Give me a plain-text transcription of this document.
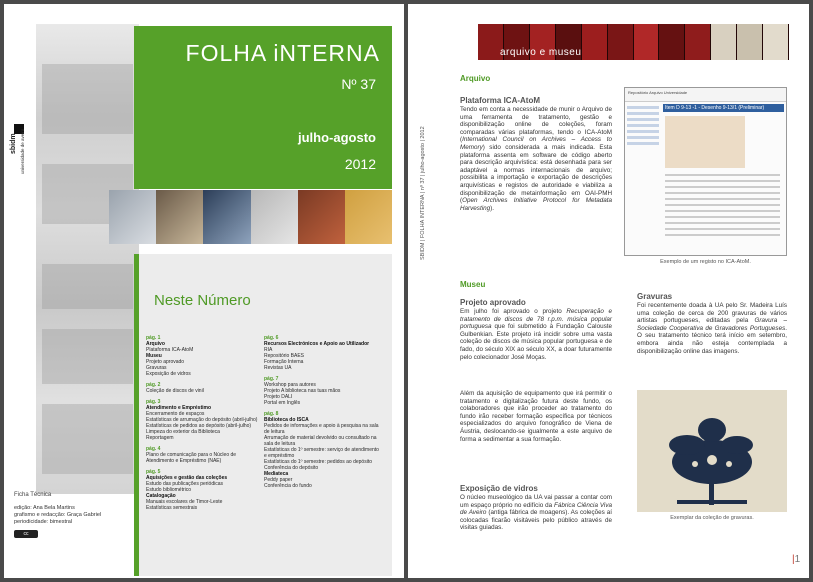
sbidm universidade de aveiro
FOLHA iNTERNA
Nº 37
julho-agosto
2012
Neste Número
pág. 1
Arquivo
Plataforma ICA-AtoM
Museu
Projeto aprovado
Gravuras
Exposição de vidros
pág. 2
Coleção de discos de vinil
pág. 3
Atendimento e Empréstimo
Encerramento de espaços
Estatísticas de arrumação do depósito (abril-julho)
Estatísticas de pedidos ao depósito (abril-julho)
Limpeza do exterior da Biblioteca
Reportagem
pág. 4
Plano de comunicação para o Núcleo de Atendimento e Empréstimo (NAE)
pág. 5
Aquisições e gestão das coleções
Estudo das publicações periódicas
Estudo bibliométrico
Catalogação
Manuais escolares de Timor-Leste
Estatísticas semestrais
pág. 6
Recursos Electrónicos e Apoio ao Utilizador
RIA
Repositório BAES
Formação Interna
Revistas UA
pág. 7
Workshop para autores
Projeto A biblioteca nas tuas mãos
Projeto DALI
Portal em Inglês
pág. 8
Biblioteca do ISCA
Pedidos de informações e apoio à pesquisa na sala de leitura
Arrumação de material devolvido ou consultado na sala de leitura
Estatísticas do 1º semestre: serviço de atendimento e empréstimo
Estatísticas do 1º semestre: pedidos ao depósito
Conferência do depósito
Mediateca
Peddy paper
Conferência do fundo
Ficha Técnica
edição: Ana Bela Martins
grafismo e redacção: Graça Gabriel
periodicidade: bimestral
cc
SBIDM | FOLHA INTERNA | nº 37 | julho-agosto | 2012
arquivo e museu
Arquivo
Plataforma ICA-AtoM
Tendo em conta a necessidade de munir o Arquivo de uma ferramenta de tratamento, gestão e disponibilização online de coleções, foram comparadas várias plataformas, tendo o ICA-AtoM (International Council on Archives – Access to Memory) sido considerada a mais indicada. Esta plataforma assenta em software de código aberto para descrição arquivística: está desenhada para ser adaptável a normas internacionais de arquivo; possibilita a importação e exportação de descrições arquivísticas e registos de autoridade e viabiliza a disponibilização de metainformação em OAI-PMH (Open Archives Initiative Protocol for Metadata Harvesting).
Repositório Arquivo Universidade
Item D 9-13 -1 - Desenho 9-13/1 (Preliminar)
Exemplo de um registo no ICA-AtoM.
Museu
Projeto aprovado
Em julho foi aprovado o projeto Recuperação e tratamento de discos de 78 r.p.m. música popular portuguesa que foi submetido à Fundação Calouste Gulbenkian. Este projeto irá incidir sobre uma vasta coleção de discos de música popular portuguesa e de fado, do século XIX ao século XX, a doar futuramente pelo colecionador José Moças.
Além da aquisição de equipamento que irá permitir o tratamento e digitalização futura deste fundo, os colaboradores que irão proceder ao tratamento do fundo irão receber formação específica por técnicos especializados do arquivo fonográfico de Viena de Áustria, deslocando-se igualmente a este arquivo de forma a sedimentar a sua formação.
Exposição de vidros
O núcleo museológico da UA vai passar a contar com um espaço próprio no edifício da Fábrica Ciência Viva de Aveiro (antiga fábrica de moagens). As coleções aí colocadas ficarão visitáveis pelo público através de visitas guiadas.
Gravuras
Foi recentemente doada à UA pelo Sr. Madeira Luís uma coleção de cerca de 200 gravuras de vários artistas portugueses, editadas pela Gravura – Sociedade Cooperativa de Gravadores Portugueses. O seu tratamento técnico terá início em setembro, embora ainda não esteja contemplada a disponibilização online das imagens.
Exemplar da coleção de gravuras.
|1
